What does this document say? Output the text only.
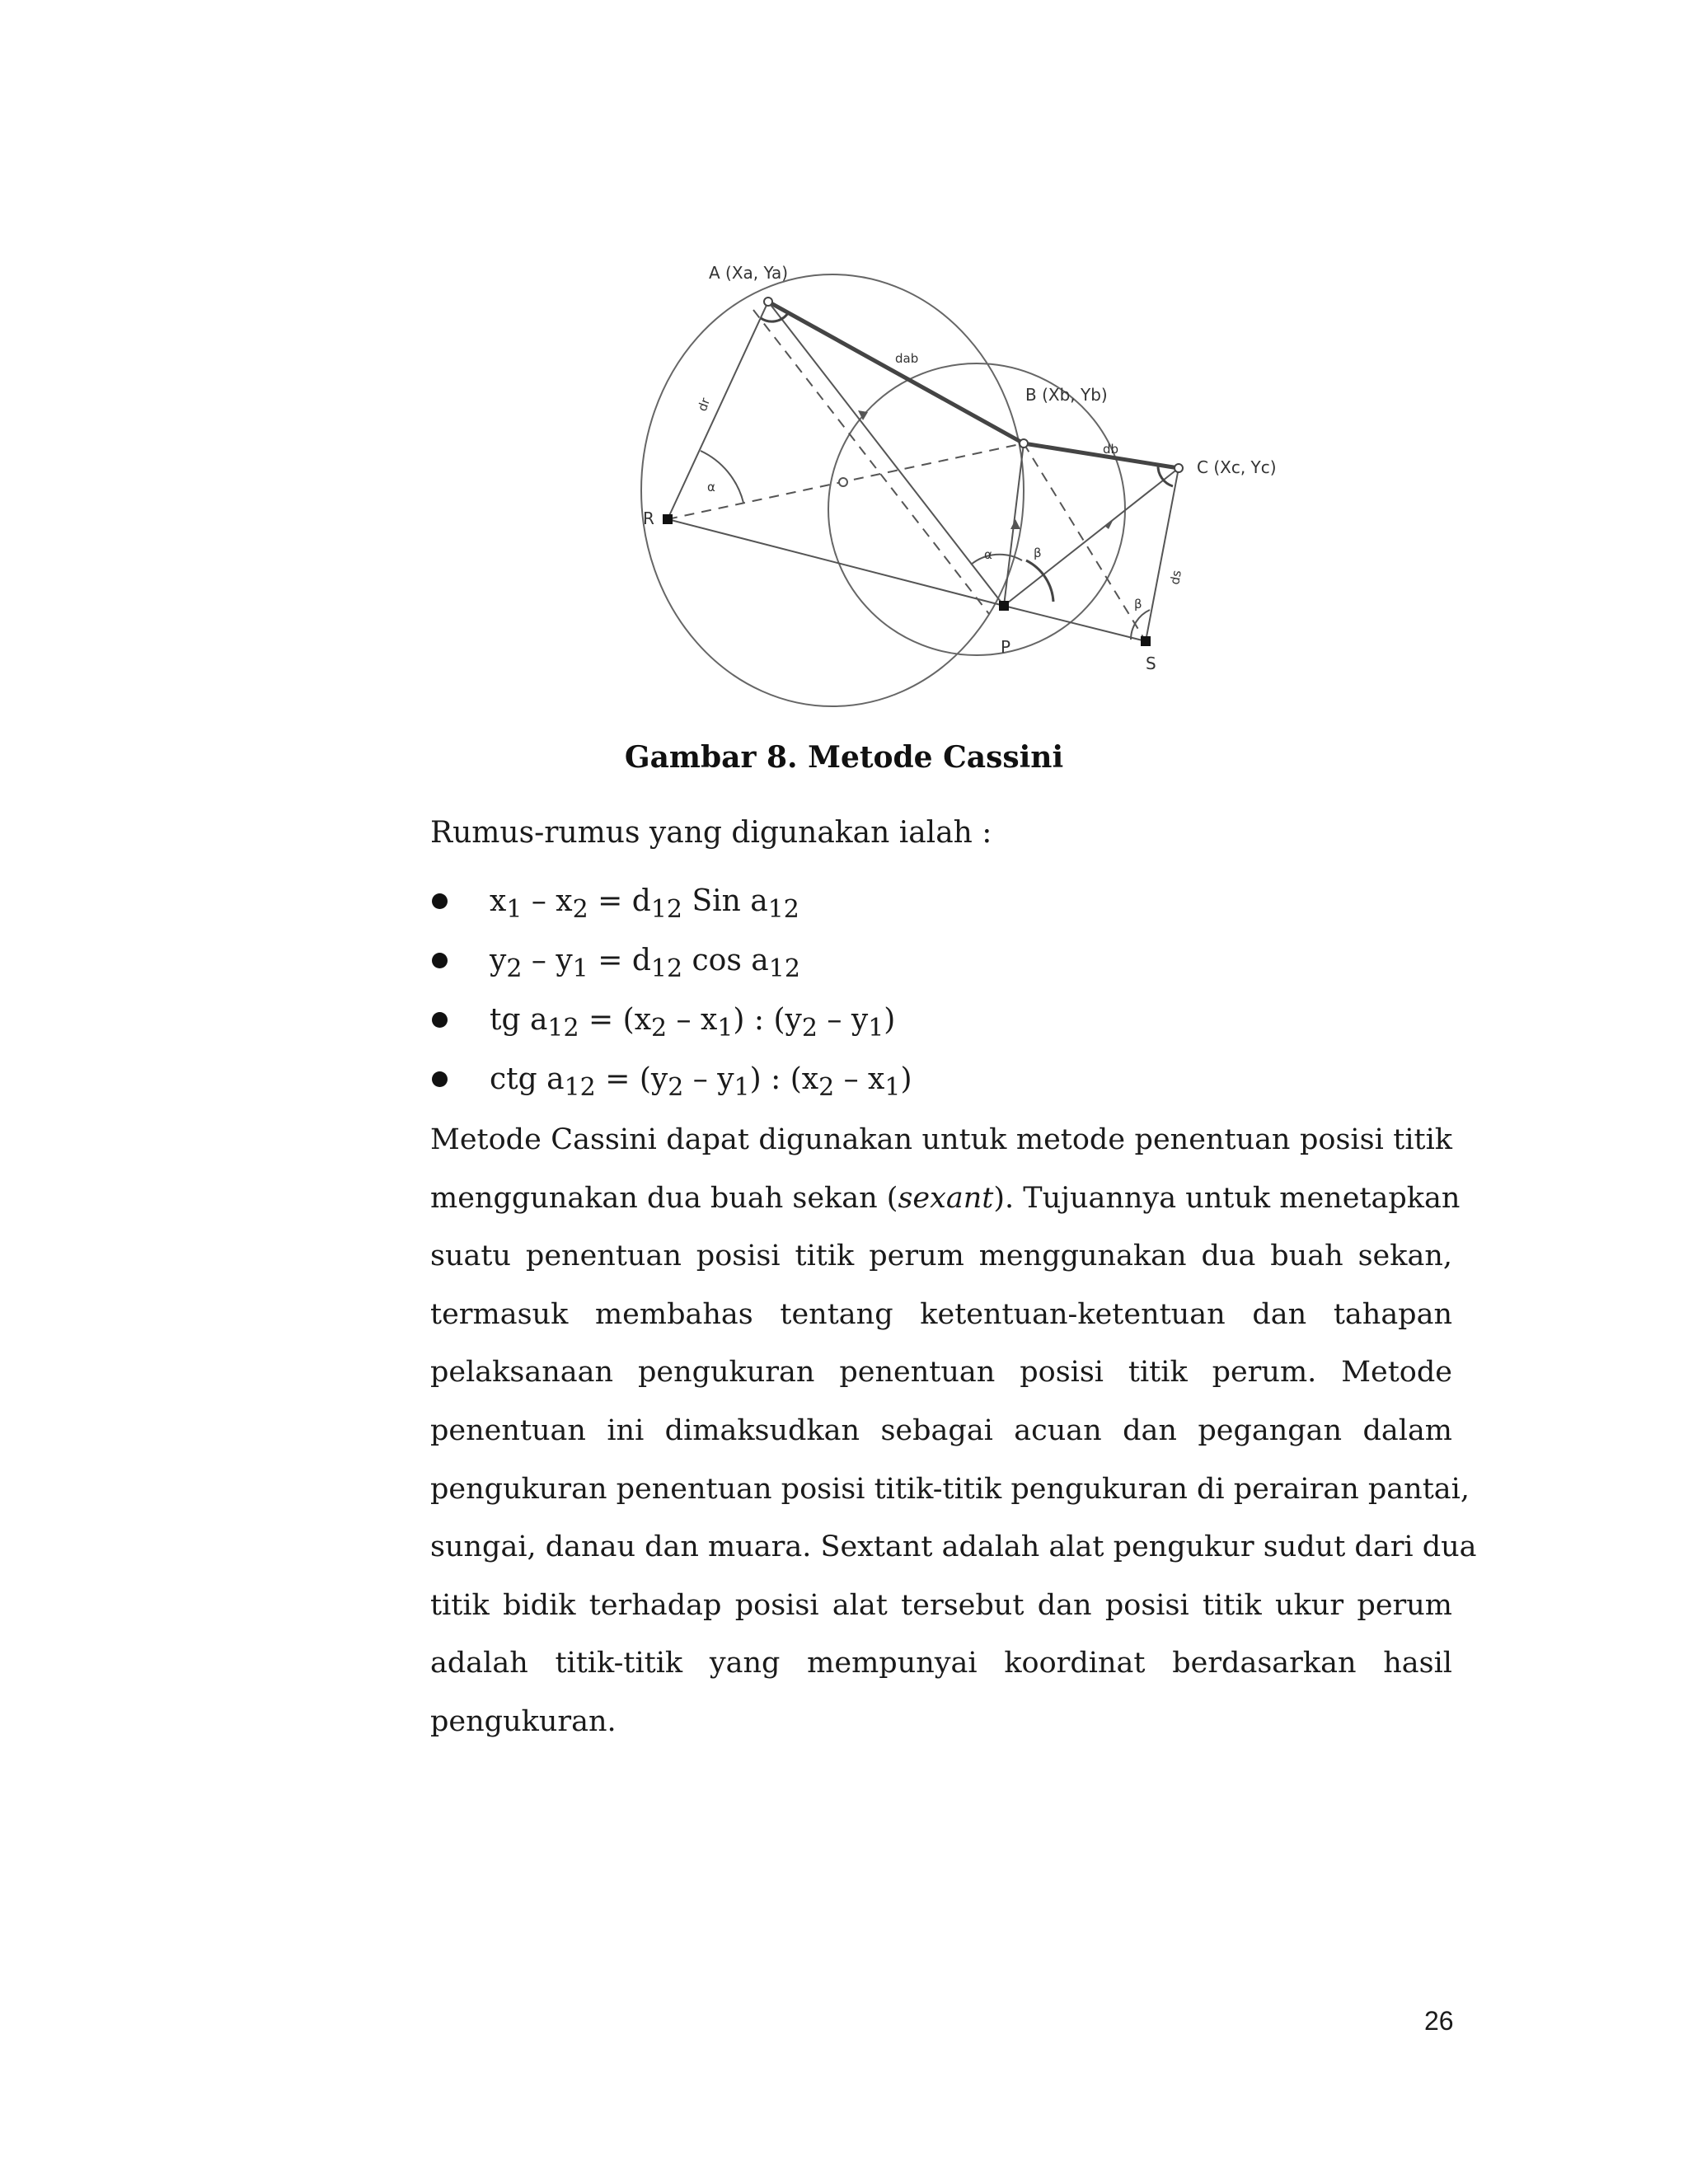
A (Xa, Ya)
B (Xb, Yb)
C (Xc, Yc)
R
P
S
α
α	β
β
dab
db
dr
ds
Gambar 8. Metode Cassini
Rumus-rumus yang digunakan ialah :
$x_1 - x_2 = d_{12}$ Sin $a_{12}$
$y_2 - y_1 = d_{12}$ $\cos a_{12}$
tg $a_{12} = (x_2 - x_1)$ : $(y_2 - y_1)$
ctg $a_{12} = (y_2 - y_1)$ : $(x_2 - x_1)$
Metode Cassini dapat digunakan untuk metode penentuan posisi titik
menggunakan dua buah sekan (sexant). Tujuannya untuk menetapkan
suatu penentuan posisi titik perum menggunakan dua buah sekan,
termasuk membahas tentang ketentuan-ketentuan dan tahapan
pelaksanaan pengukuran penentuan posisi titik perum. Metode
penentuan ini dimaksudkan sebagai acuan dan pegangan dalam
pengukuran penentuan posisi titik-titik pengukuran di perairan pantai,
sungai, danau dan muara. Sextant adalah alat pengukur sudut dari dua
titik bidik terhadap posisi alat tersebut dan posisi titik ukur perum
adalah titik-titik yang mempunyai koordinat berdasarkan hasil
pengukuran.
26
